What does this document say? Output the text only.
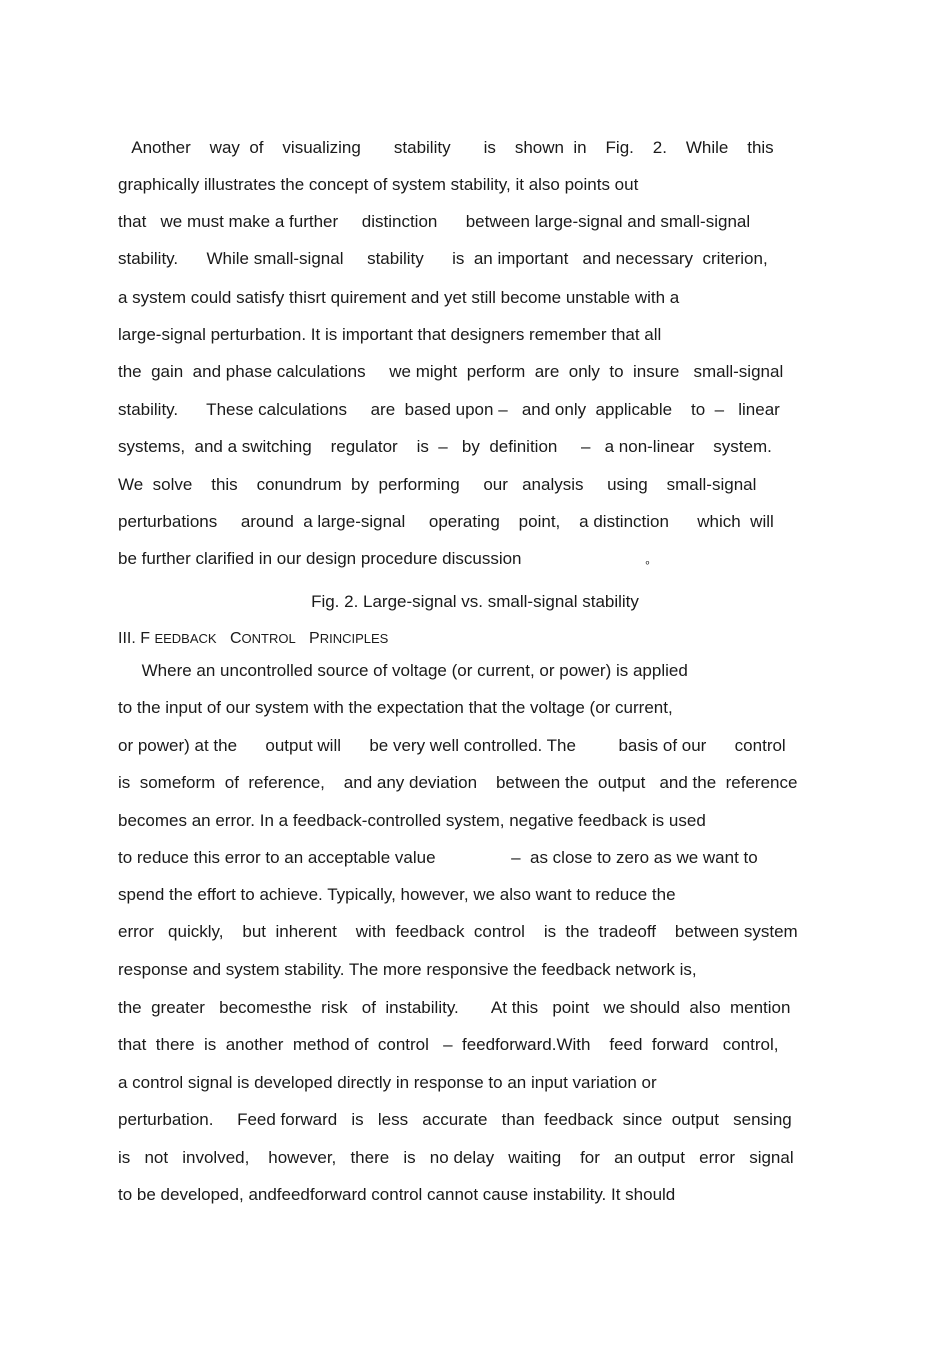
Another    way  of    visualizing       stability       is    shown  in    Fig.    2.    While    this
graphically illustrates the concept of system stability, it also points out
that   we must make a further     distinction      between large-signal and small-signal
stability.      While small-signal     stability      is  an important   and necessary  criterion,
a system could satisfy thisrt quirement and yet still become unstable with a
large-signal perturbation. It is important that designers remember that all
the  gain  and phase calculations     we might  perform  are  only  to  insure   small-signal
stability.      These calculations     are  based upon –   and only  applicable    to  –   linear
systems,  and a switching    regulator    is  –   by  definition     –   a non-linear    system.
We  solve    this    conundrum  by  performing     our   analysis     using    small-signal
perturbations     around  a large-signal     operating    point,    a distinction      which  will
be further clarified in our design procedure discussion	∘
Fig. 2. Large-signal vs. small-signal stability
III. F EEDBACK CONTROL PRINCIPLES
Where an uncontrolled source of voltage (or current, or power) is applied
to the input of our system with the expectation that the voltage (or current,
or power) at the      output will      be very well controlled. The         basis of our      control
is  someform  of  reference,    and any deviation    between the  output   and the  reference
becomes an error. In a feedback-controlled system, negative feedback is used
to reduce this error to an acceptable value                –  as close to zero as we want to
spend the effort to achieve. Typically, however, we also want to reduce the
error   quickly,    but  inherent    with  feedback  control    is  the  tradeoff    between system
response and system stability. The more responsive the feedback network is,
the  greater   becomesthe  risk   of  instability.       At this   point   we should  also  mention
that  there  is  another  method of  control   –  feedforward.With    feed  forward   control,
a control signal is developed directly in response to an input variation or
perturbation.     Feed forward   is   less   accurate   than  feedback  since  output   sensing
is   not   involved,    however,   there   is   no delay   waiting    for   an output   error   signal
to be developed, andfeedforward control cannot cause instability. It should
